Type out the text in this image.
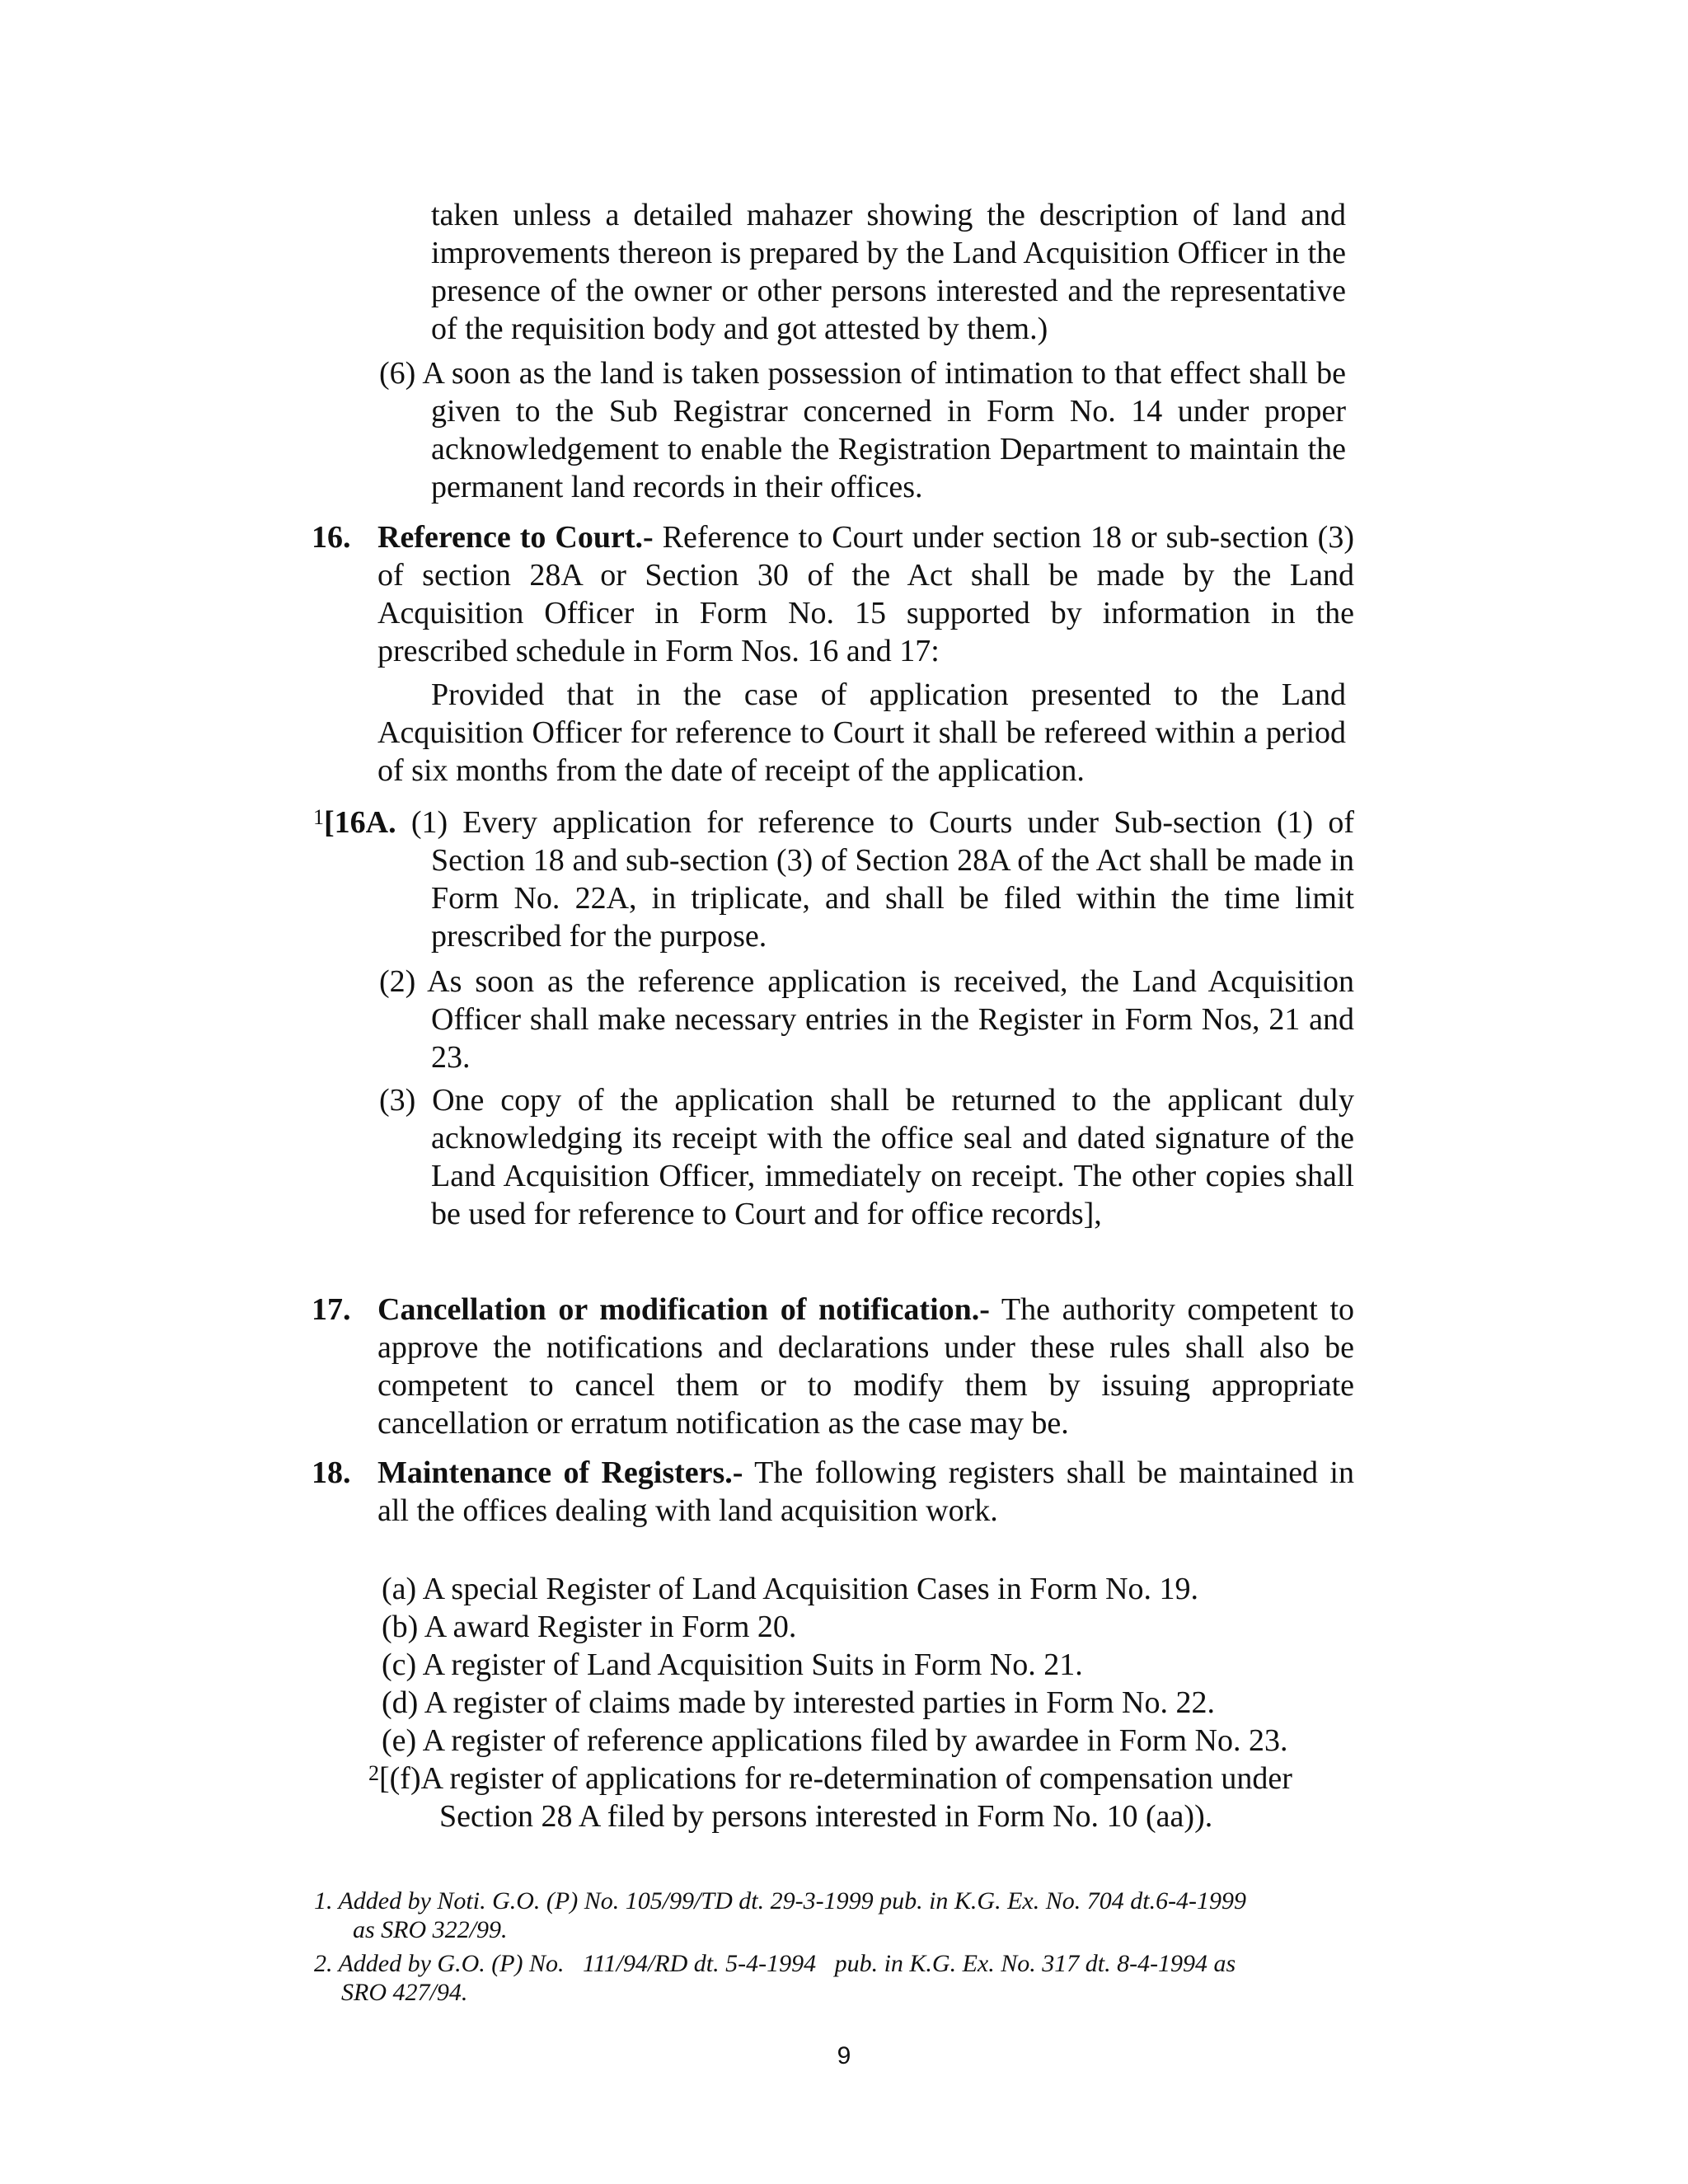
taken unless a detailed mahazer showing the description of land and improvements thereon is prepared by the Land Acquisition Officer in the presence of the owner or other persons interested and the representative of the requisition body and got attested by them.)

(6) A soon as the land is taken possession of intimation to that effect shall be given to the Sub Registrar concerned in Form No. 14 under proper acknowledgement to enable the Registration Department to maintain the permanent land records in their offices.

16. Reference to Court.- Reference to Court under section 18 or sub-section (3) of section 28A or Section 30 of the Act shall be made by the Land Acquisition Officer in Form No. 15 supported by information in the prescribed schedule in Form Nos. 16 and 17:

Provided that in the case of application presented to the Land Acquisition Officer for reference to Court it shall be refereed within a period of six months from the date of receipt of the application.

$^1$[16A. (1) Every application for reference to Courts under Sub-section (1) of Section 18 and sub-section (3) of Section 28A of the Act shall be made in Form No. 22A, in triplicate, and shall be filed within the time limit prescribed for the purpose.

(2) As soon as the reference application is received, the Land Acquisition Officer shall make necessary entries in the Register in Form Nos, 21 and 23.

(3) One copy of the application shall be returned to the applicant duly acknowledging its receipt with the office seal and dated signature of the Land Acquisition Officer, immediately on receipt. The other copies shall be used for reference to Court and for office records],

17. Cancellation or modification of notification.- The authority competent to approve the notifications and declarations under these rules shall also be competent to cancel them or to modify them by issuing appropriate cancellation or erratum notification as the case may be.

18. Maintenance of Registers.- The following registers shall be maintained in all the offices dealing with land acquisition work.

(a) A special Register of Land Acquisition Cases in Form No. 19.
(b) A award Register in Form 20.
(c) A register of Land Acquisition Suits in Form No. 21.
(d) A register of claims made by interested parties in Form No. 22.
(e) A register of reference applications filed by awardee in Form No. 23.
$^2$[(f)A register of applications for re-determination of compensation under
Section 28 A filed by persons interested in Form No. 10 (aa)).
1. Added by Noti. G.O. (P) No. 105/99/TD dt. 29-3-1999 pub. in K.G. Ex. No. 704 dt.6-4-1999
as SRO 322/99.
2. Added by G.O. (P) No.   111/94/RD dt. 5-4-1994   pub. in K.G. Ex. No. 317 dt. 8-4-1994 as
SRO 427/94.
9
